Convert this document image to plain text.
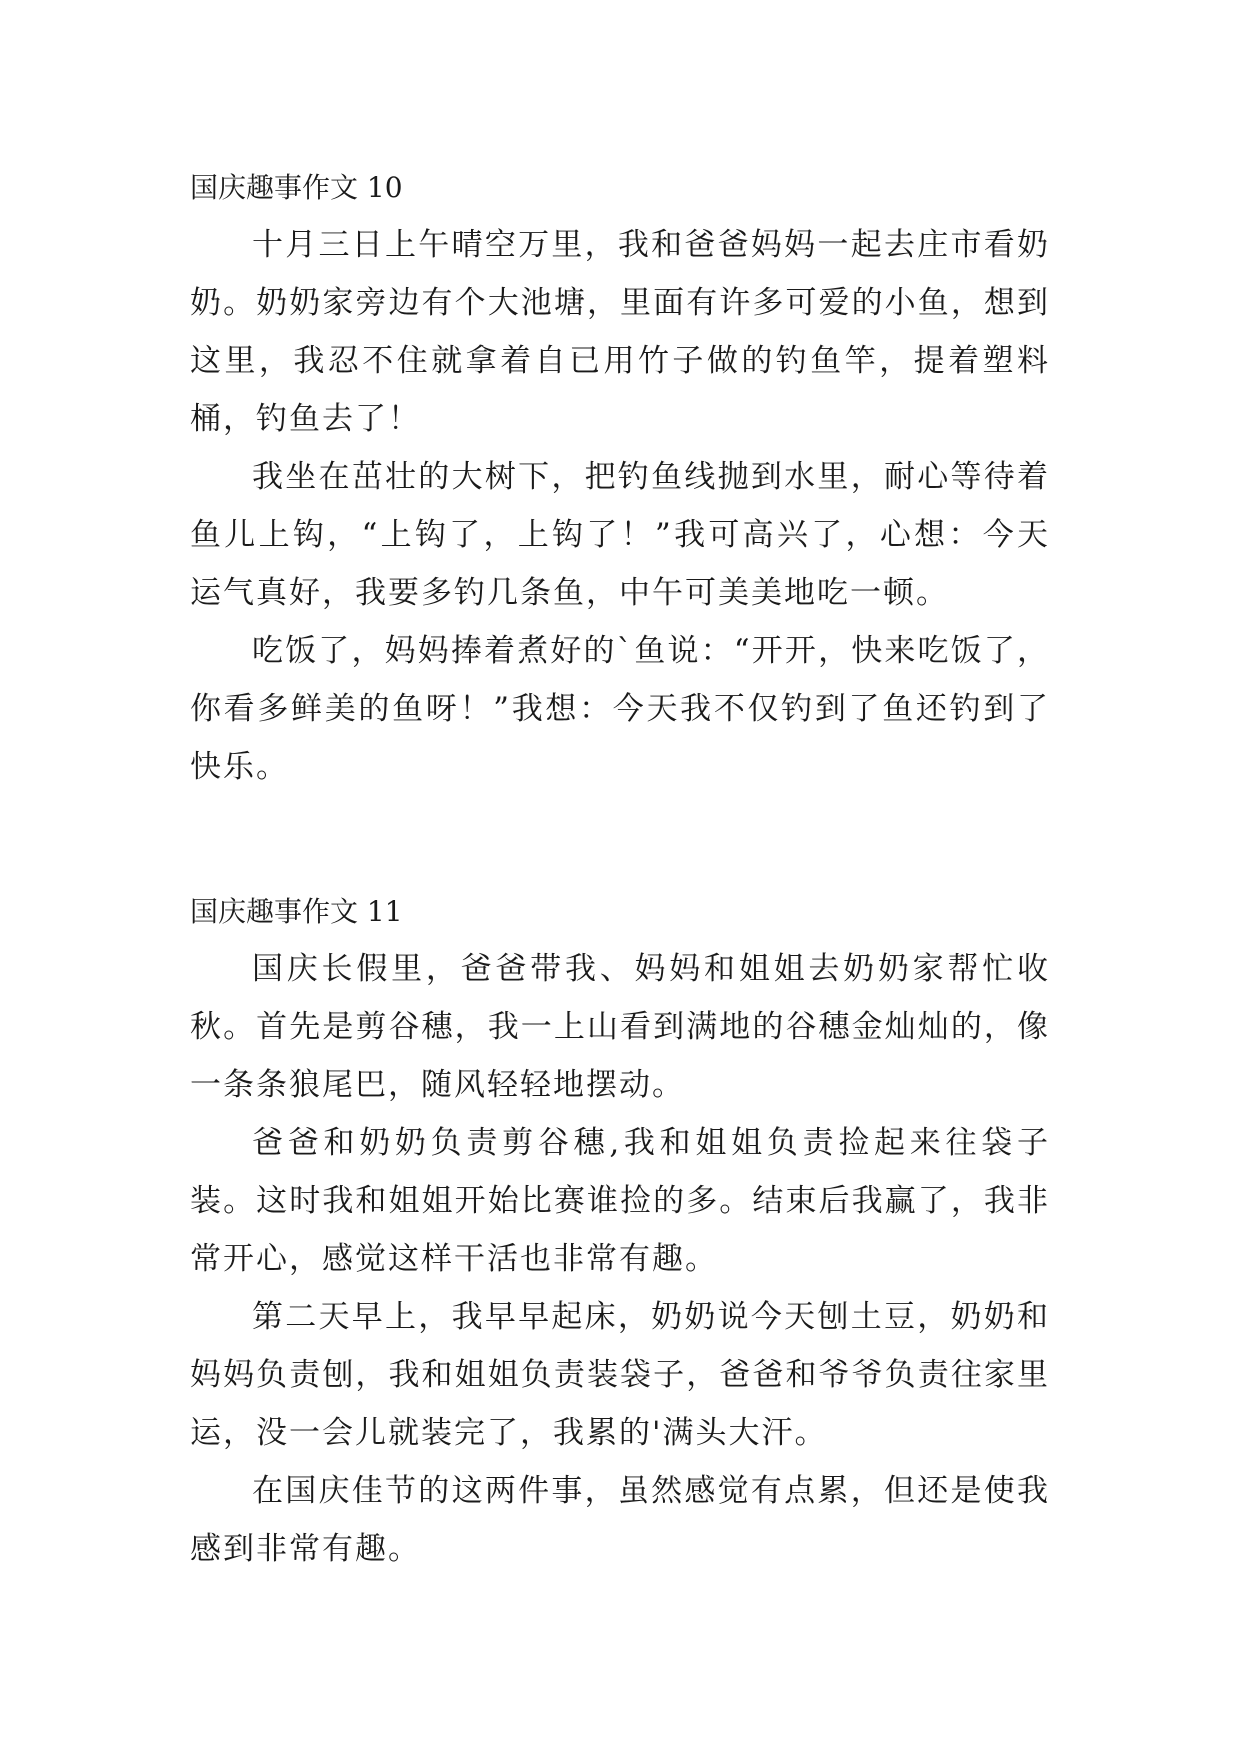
国庆趣事作文 10

十月三日上午晴空万里，我和爸爸妈妈一起去庄市看奶奶。奶奶家旁边有个大池塘，里面有许多可爱的小鱼，想到这里，我忍不住就拿着自已用竹子做的钓鱼竿，提着塑料桶，钓鱼去了！

我坐在茁壮的大树下，把钓鱼线抛到水里，耐心等待着鱼儿上钩，“上钩了，上钩了！”我可高兴了，心想：今天运气真好，我要多钓几条鱼，中午可美美地吃一顿。

吃饭了，妈妈捧着煮好的`鱼说：“开开，快来吃饭了，你看多鲜美的鱼呀！”我想：今天我不仅钓到了鱼还钓到了快乐。

国庆趣事作文 11

国庆长假里，爸爸带我、妈妈和姐姐去奶奶家帮忙收秋。首先是剪谷穗，我一上山看到满地的谷穗金灿灿的，像一条条狼尾巴，随风轻轻地摆动。

爸爸和奶奶负责剪谷穗,我和姐姐负责捡起来往袋子装。这时我和姐姐开始比赛谁捡的多。结束后我赢了，我非常开心，感觉这样干活也非常有趣。

第二天早上，我早早起床，奶奶说今天刨土豆，奶奶和妈妈负责刨，我和姐姐负责装袋子，爸爸和爷爷负责往家里运，没一会儿就装完了，我累的'满头大汗。

在国庆佳节的这两件事，虽然感觉有点累，但还是使我感到非常有趣。
